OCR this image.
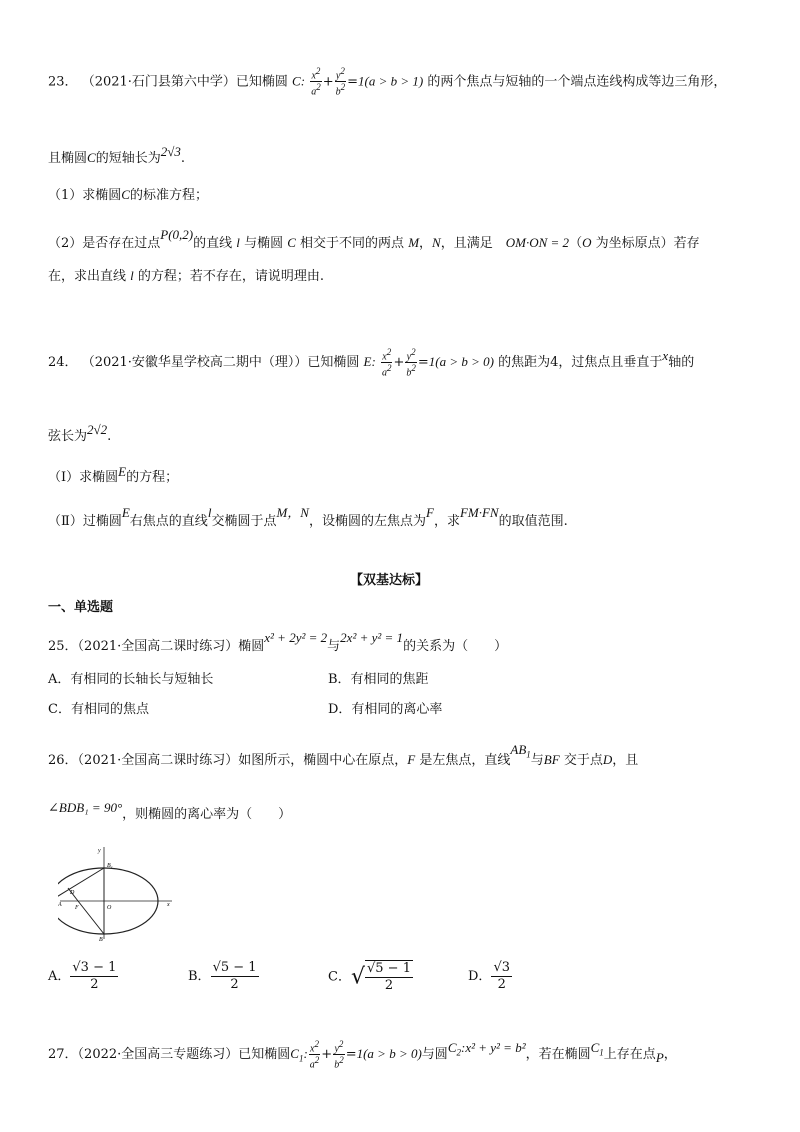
23． （2021·石门县第六中学）已知椭圆 C: $\frac{x2}{a2} + \frac{y2}{b2} =1(a > b > 1)$ 的两个焦点与短轴的一个端点连线构成等边三角形，
且椭圆C的短轴长为2√3.
（1）求椭圆C的标准方程；
（2）是否存在过点P(0,2)的直线 l 与椭圆 C 相交于不同的两点 M，N，且满足　 OM·ON = 2（O 为坐标原点）若存
在，求出直线 l 的方程；若不存在，请说明理由.
24． （2021·安徽华星学校高二期中（理））已知椭圆 E: $\frac{x2}{a2} + \frac{y2}{b2} =1(a > b > 0)$ 的焦距为4，过焦点且垂直于x轴的
弦长为2√2.
（Ⅰ）求椭圆E的方程；
（Ⅱ）过椭圆E右焦点的直线l交椭圆于点M，N，设椭圆的左焦点为F，求FM·FN的取值范围.
【双基达标】
一、单选题
25．（2021·全国高二课时练习）椭圆x² + 2y² = 2与2x² + y² = 1的关系为（　　）
A．有相同的长轴长与短轴长	B．有相同的焦距
C．有相同的焦点	D．有相同的离心率
26．（2021·全国高二课时练习）如图所示，椭圆中心在原点，F 是左焦点，直线$AB_1$与BF 交于点D，且
∠BDB₁ = 90°，则椭圆的离心率为（　　）
y
B₁
D
F
A	O	x
B
A． $\frac{√3 - 1}{2}$	B． $\frac{√5 - 1}{2}$	C．√ $\frac{√5 - 1}{2}$	D． $\frac{√3}{2}$
27．（2022·全国高三专题练习）已知椭圆$C_1$: $\frac{x2}{a2} + \frac{y2}{b2} =1(a > b > 0)$与圆$C_2:x^2 + y^2 = b^2$，若在椭圆$C_1$上存在点P，
